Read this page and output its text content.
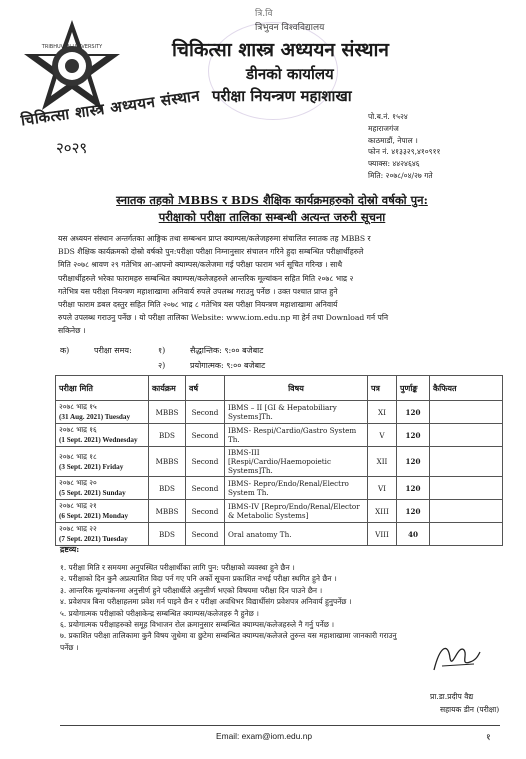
TRIBHUVAN UNIVERSITY
चिकित्सा शास्त्र अध्ययन संस्थान
२०२९
त्रि.वि
त्रिभुवन विश्वविद्यालय
चिकित्सा शास्त्र अध्ययन संस्थान
डीनको कार्यालय
परीक्षा नियन्त्रण महाशाखा
पो.ब.नं. १५२४
महाराजगंज
काठमाडौं, नेपाल ।
फोन नं. ४१३३२९,४१०९११
फ्याक्स: ४४२४६४६
मिति: २०७८/०४/२७ गते
स्नातक तहको MBBS र BDS शैक्षिक कार्यक्रमहरुको दोस्रो वर्षको पुन:
परीक्षाको परीक्षा तालिका सम्बन्धी अत्यन्त जरुरी सूचना
यस अध्ययन संस्थान अन्तर्गतका आङ्गिक तथा सम्बन्धन प्राप्त क्याम्पस/कलेजहरुमा संचालित स्नातक तह MBBS र
BDS शैक्षिक कार्यक्रमको दोस्रो वर्षको पुन:परीक्षा परीक्षा निम्नानुसार संचालन गरिने हुदा सम्बन्धित परीक्षार्थीहरुले
मिति २०७८ श्रावण २९ गतेभित्र आ-आफ्नो क्याम्पस/कलेजमा गई परीक्षा फाराम भर्न सूचित गरिन्छ । साथै
परीक्षार्थीहरुले भरेका फारामहरु सम्बन्धित क्याम्पस/कलेजहरुले आन्तरिक मूल्यांकन सहित मिति २०७८ भाद्र २
गतेभित्र यस परीक्षा नियन्त्रण महाशाखामा अनिवार्य रुपले उपलब्ध गराउनु पर्नेछ । उक्त पश्चात प्राप्त हुने
परीक्षा फाराम डबल दस्तुर सहित मिति २०७८ भाद्र ८ गतेभित्र यस परीक्षा नियन्त्रण महाशाखामा अनिवार्य
रुपले उपलब्ध गराउनु पर्नेछ । यो परीक्षा तालिका Website: www.iom.edu.np मा हेर्न तथा Download गर्न पनि
सकिनेछ ।
क)	परीक्षा समय:	१)	सैद्धान्तिक: ९:०० बजेबाट
२)	प्रयोगात्मक: ९:०० बजेबाट
परीक्षा मिति	कार्यक्रम	वर्ष	विषय	पत्र	पुर्णाङ्क	कैफियत

२०७८ भाद्र १५
(31 Aug. 2021) Tuesday	MBBS	Second	IBMS – II [GI & Hepatobiliary Systems]Th.	XI	120	

२०७८ भाद्र १६
(1 Sept. 2021) Wednesday	BDS	Second	IBMS- Respi/Cardio/Gastro System Th.	V	120	

२०७८ भाद्र १८
(3 Sept. 2021) Friday	MBBS	Second	IBMS-III [Respi/Cardio/Haemopoietic Systems]Th.	XII	120	

२०७८ भाद्र २०
(5 Sept. 2021) Sunday	BDS	Second	IBMS- Repro/Endo/Renal/Electro System Th.	VI	120	

२०७८ भाद्र २१
(6 Sept. 2021) Monday	MBBS	Second	IBMS-IV [Repro/Endo/Renal/Elector & Metabolic Systems]	XIII	120	

२०७८ भाद्र २२
(7 Sept. 2021) Tuesday	BDS	Second	Oral anatomy Th.	VIII	40	
द्रष्टव्य:
१. परीक्षा मिति र समयमा अनुपस्थित परीक्षार्थीका लागि पुन: परीक्षाको व्यवस्था हुने छैन ।
२. परीक्षाको दिन कुनै अप्रत्याशित विदा पर्न गए पनि अर्को सूचना प्रकाशित नभई परीक्षा स्थगित हुने छैन ।
३. आन्तरिक मूल्यांकनमा अनुत्तीर्ण हुने परीक्षार्थीले अनुत्तीर्ण भएको विषयमा परीक्षा दिन पाउने छैन ।
४. प्रवेशपत्र बिना परीक्षाहलमा प्रवेश गर्न पाइने छैन र परीक्षा अवधिभर विद्यार्थीसंग प्रवेशपत्र अनिवार्य हुनुपर्नेछ ।
५. प्रयोगात्मक परीक्षाको परीक्षाकेन्द्र सम्बन्धित क्याम्पस/कलेजहरु नै हुनेछ ।
६. प्रयोगात्मक परीक्षाहरुको समूह विभाजन रोल क्रमानुसार सम्बन्धित क्याम्पस/कलेजहरुले नै गर्नु पर्नेछ ।
७. प्रकाशित परीक्षा तालिकामा कुनै विषय जुधेमा वा छुटेमा सम्बन्धित क्याम्पस/कलेजले तुरुन्त यस महाशाखामा जानकारी गराउनु
पर्नेछ ।
प्रा.डा.प्रदीप वैद्य
सहायक डीन (परीक्षा)
Email: exam@iom.edu.np	१
